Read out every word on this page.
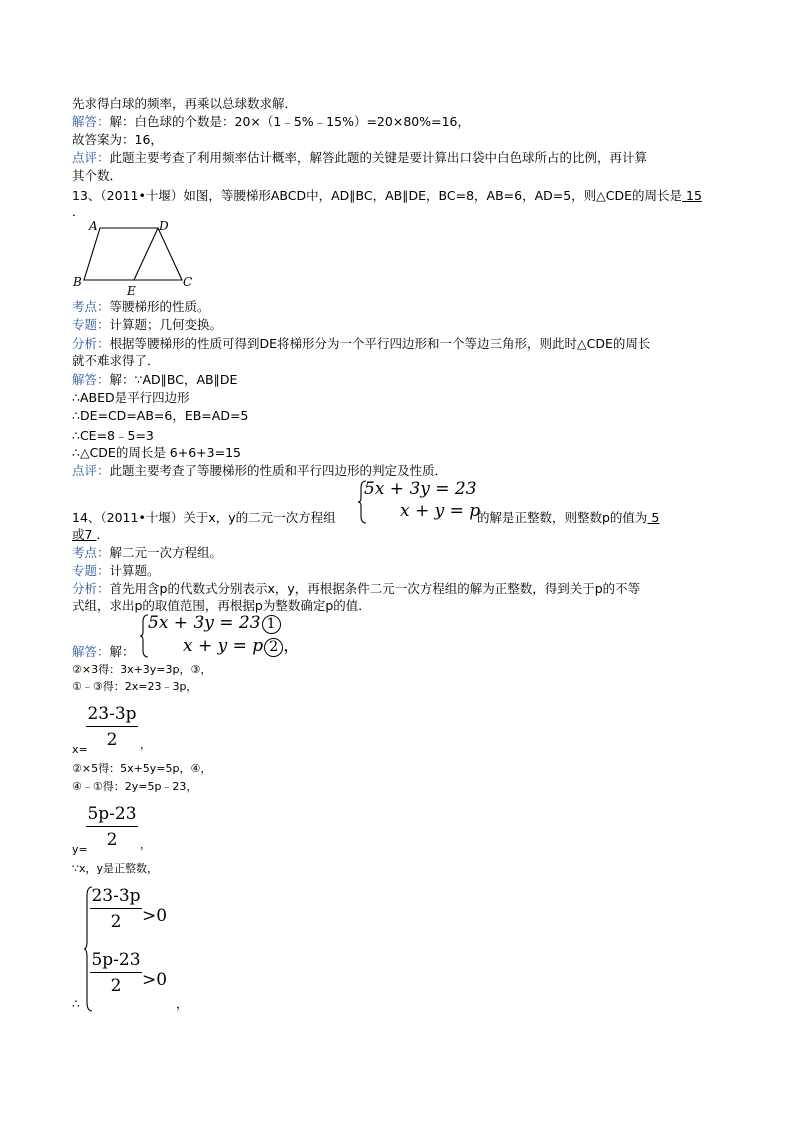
先求得白球的频率，再乘以总球数求解．
解答：解：白色球的个数是：20×（1﹣5%﹣15%）=20×80%=16，
故答案为：16，
点评：此题主要考查了利用频率估计概率，解答此题的关键是要计算出口袋中白色球所占的比例，再计算
其个数．
13、（2011•十堰）如图，等腰梯形ABCD中，AD∥BC，AB∥DE，BC=8，AB=6，AD=5，则△CDE的周长是 15
．
A	D
B
E
C
考点：等腰梯形的性质。
专题：计算题；几何变换。
分析：根据等腰梯形的性质可得到DE将梯形分为一个平行四边形和一个等边三角形，则此时△CDE的周长
就不难求得了．
解答：解：∵AD∥BC，AB∥DE
∴ABED是平行四边形
∴DE=CD=AB=6，EB=AD=5
∴CE=8﹣5=3
∴△CDE的周长是 6+6+3=15
点评：此题主要考查了等腰梯形的性质和平行四边形的判定及性质．
14、（2011•十堰）关于x，y的二元一次方程组
5x + 3y = 23
x + y = p
的解是正整数，则整数p的值为 5
或7 ．
考点：解二元一次方程组。
专题：计算题。
分析：首先用含p的代数式分别表示x，y，再根据条件二元一次方程组的解为正整数，得到关于p的不等
式组，求出p的取值范围，再根据p为整数确定p的值．
解答：解：
5x + 3y = 23 1
x + y = p 2 ，
②×3得：3x+3y=3p，③，
①﹣③得：2x=23﹣3p，
23-3p
2
x=	，
②×5得：5x+5y=5p，④，
④﹣①得：2y=5p﹣23，
5p-23
2
y=	，
∵x，y是正整数，
23-3p
2	>0
5p-23
2	>0
∴	，
